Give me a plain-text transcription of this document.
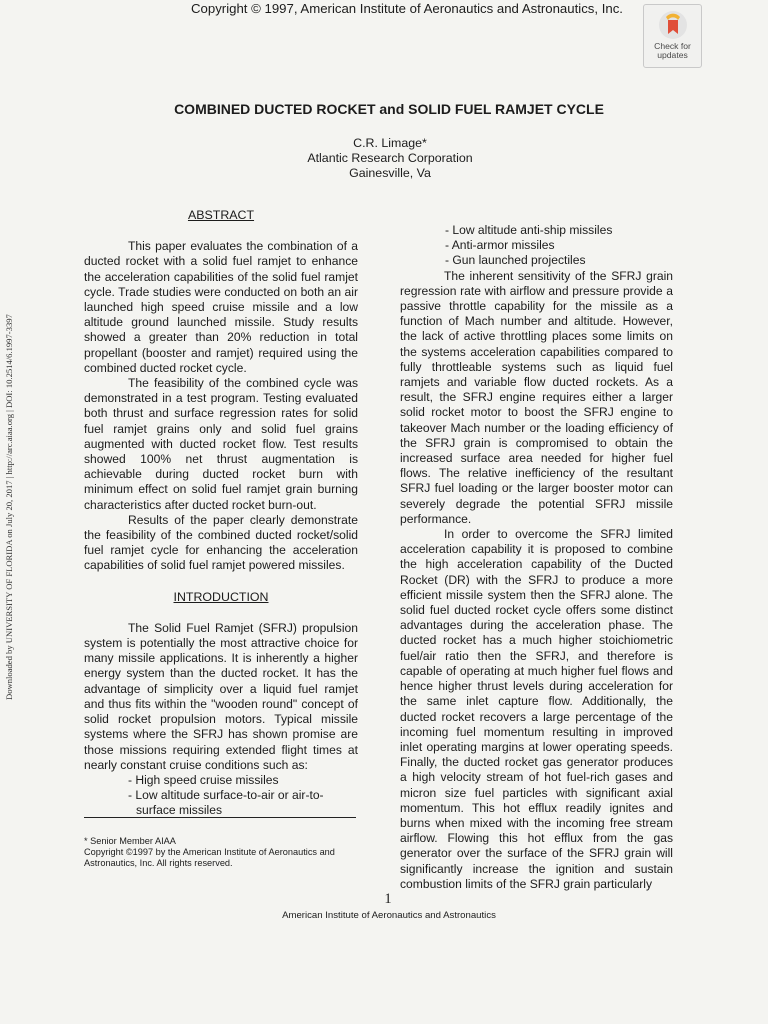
Copyright © 1997, American Institute of Aeronautics and Astronautics, Inc.
Check for
updates
Downloaded by UNIVERSITY OF FLORIDA on July 20, 2017 | http://arc.aiaa.org | DOI: 10.2514/6.1997-3397
COMBINED DUCTED ROCKET and SOLID FUEL RAMJET CYCLE
C.R. Limage*
Atlantic Research Corporation
Gainesville, Va
ABSTRACT

This paper evaluates the combination of a ducted rocket with a solid fuel ramjet to enhance the acceleration capabilities of the solid fuel ramjet cycle. Trade studies were conducted on both an air launched high speed cruise missile and a low altitude ground launched missile. Study results showed a greater than 20% reduction in total propellant (booster and ramjet) required using the combined ducted rocket cycle.

The feasibility of the combined cycle was demonstrated in a test program. Testing evaluated both thrust and surface regression rates for solid fuel ramjet grains only and solid fuel grains augmented with ducted rocket flow. Test results showed 100% net thrust augmentation is achievable during ducted rocket burn with minimum effect on solid fuel ramjet grain burning characteristics after ducted rocket burn-out.

Results of the paper clearly demonstrate the feasibility of the combined ducted rocket/solid fuel ramjet cycle for enhancing the acceleration capabilities of solid fuel ramjet powered missiles.

INTRODUCTION

The Solid Fuel Ramjet (SFRJ) propulsion system is potentially the most attractive choice for many missile applications. It is inherently a higher energy system than the ducted rocket. It has the advantage of simplicity over a liquid fuel ramjet and thus fits within the "wooden round" concept of solid rocket propulsion motors. Typical missile systems where the SFRJ has shown promise are those missions requiring extended flight times at nearly constant cruise conditions such as:

- High speed cruise missiles
- Low altitude surface-to-air or air-to-surface missiles
* Senior Member AIAA
Copyright ©1997 by the American Institute of Aeronautics and Astronautics, Inc. All rights reserved.
- Low altitude anti-ship missiles
- Anti-armor missiles
- Gun launched projectiles

The inherent sensitivity of the SFRJ grain regression rate with airflow and pressure provide a passive throttle capability for the missile as a function of Mach number and altitude. However, the lack of active throttling places some limits on the systems acceleration capabilities compared to fully throttleable systems such as liquid fuel ramjets and variable flow ducted rockets. As a result, the SFRJ engine requires either a larger solid rocket motor to boost the SFRJ engine to takeover Mach number or the loading efficiency of the SFRJ grain is compromised to obtain the increased surface area needed for higher fuel flows. The relative inefficiency of the resultant SFRJ fuel loading or the larger booster motor can severely degrade the potential SFRJ missile performance.

In order to overcome the SFRJ limited acceleration capability it is proposed to combine the high acceleration capability of the Ducted Rocket (DR) with the SFRJ to produce a more efficient missile system then the SFRJ alone. The solid fuel ducted rocket cycle offers some distinct advantages during the acceleration phase. The ducted rocket has a much higher stoichiometric fuel/air ratio then the SFRJ, and therefore is capable of operating at much higher fuel flows and hence higher thrust levels during acceleration for the same inlet capture flow. Additionally, the ducted rocket recovers a large percentage of the incoming fuel momentum resulting in improved inlet operating margins at lower operating speeds. Finally, the ducted rocket gas generator produces a high velocity stream of hot fuel-rich gases and micron size fuel particles with significant axial momentum. This hot efflux readily ignites and burns when mixed with the incoming free stream airflow. Flowing this hot efflux from the gas generator over the surface of the SFRJ grain will significantly increase the ignition and sustain combustion limits of the SFRJ grain particularly

1
American Institute of Aeronautics and Astronautics
